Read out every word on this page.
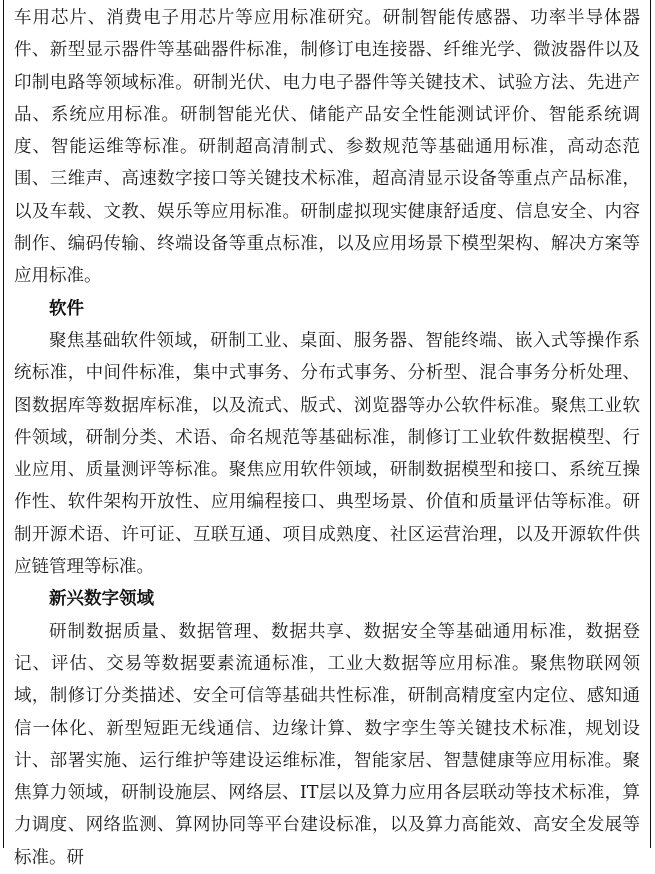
车用芯片、消费电子用芯片等应用标准研究。研制智能传感器、功率半导体器件、新型显示器件等基础器件标准，制修订电连接器、纤维光学、微波器件以及印制电路等领域标准。研制光伏、电力电子器件等关键技术、试验方法、先进产品、系统应用标准。研制智能光伏、储能产品安全性能测试评价、智能系统调度、智能运维等标准。研制超高清制式、参数规范等基础通用标准，高动态范围、三维声、高速数字接口等关键技术标准，超高清显示设备等重点产品标准，以及车载、文教、娱乐等应用标准。研制虚拟现实健康舒适度、信息安全、内容制作、编码传输、终端设备等重点标准，以及应用场景下模型架构、解决方案等应用标准。

软件

聚焦基础软件领域，研制工业、桌面、服务器、智能终端、嵌入式等操作系统标准，中间件标准，集中式事务、分布式事务、分析型、混合事务分析处理、图数据库等数据库标准，以及流式、版式、浏览器等办公软件标准。聚焦工业软件领域，研制分类、术语、命名规范等基础标准，制修订工业软件数据模型、行业应用、质量测评等标准。聚焦应用软件领域，研制数据模型和接口、系统互操作性、软件架构开放性、应用编程接口、典型场景、价值和质量评估等标准。研制开源术语、许可证、互联互通、项目成熟度、社区运营治理，以及开源软件供应链管理等标准。

新兴数字领域

研制数据质量、数据管理、数据共享、数据安全等基础通用标准，数据登记、评估、交易等数据要素流通标准，工业大数据等应用标准。聚焦物联网领域，制修订分类描述、安全可信等基础共性标准，研制高精度室内定位、感知通信一体化、新型短距无线通信、边缘计算、数字孪生等关键技术标准，规划设计、部署实施、运行维护等建设运维标准，智能家居、智慧健康等应用标准。聚焦算力领域，研制设施层、网络层、IT层以及算力应用各层联动等技术标准，算力调度、网络监测、算网协同等平台建设标准，以及算力高能效、高安全发展等标准。研
